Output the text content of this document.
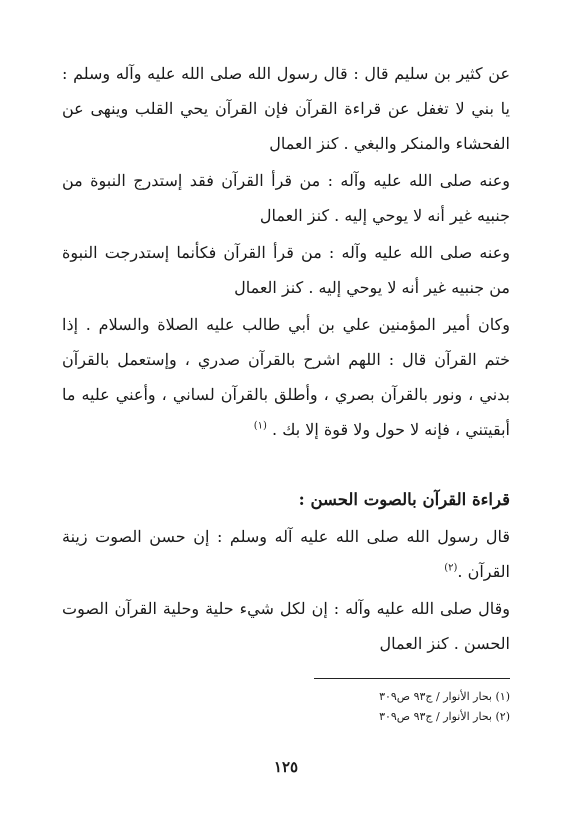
عن كثير بن سليم قال : قال رسول الله صلى الله عليه وآله وسلم : يا بني لا تغفل عن قراءة القرآن فإن القرآن يحي القلب وينهى عن الفحشاء والمنكر والبغي . كنز العمال

وعنه صلى الله عليه وآله : من قرأ القرآن فقد إستدرج النبوة من جنبيه غير أنه لا يوحي إليه . كنز العمال

وعنه صلى الله عليه وآله : من قرأ القرآن فكأنما إستدرجت النبوة من جنبيه غير أنه لا يوحي إليه . كنز العمال

وكان أمير المؤمنين علي بن أبي طالب عليه الصلاة والسلام . إذا ختم القرآن قال : اللهم اشرح بالقرآن صدري ، وإستعمل بالقرآن بدني ، ونور بالقرآن بصري ، وأطلق بالقرآن لساني ، وأعني عليه ما أبقيتني ، فإنه لا حول ولا قوة إلا بك . $^{(١)}$

قراءة القرآن بالصوت الحسن :

قال رسول الله صلى الله عليه آله وسلم : إن حسن الصوت زينة القرآن .$^{(٢)}$

وقال صلى الله عليه وآله : إن لكل شيء حلية وحلية القرآن الصوت الحسن . كنز العمال

(١) بحار الأنوار / ج٩٣ ص٣٠٩

(٢) بحار الأنوار / ج٩٣ ص٣٠٩

١٢٥
